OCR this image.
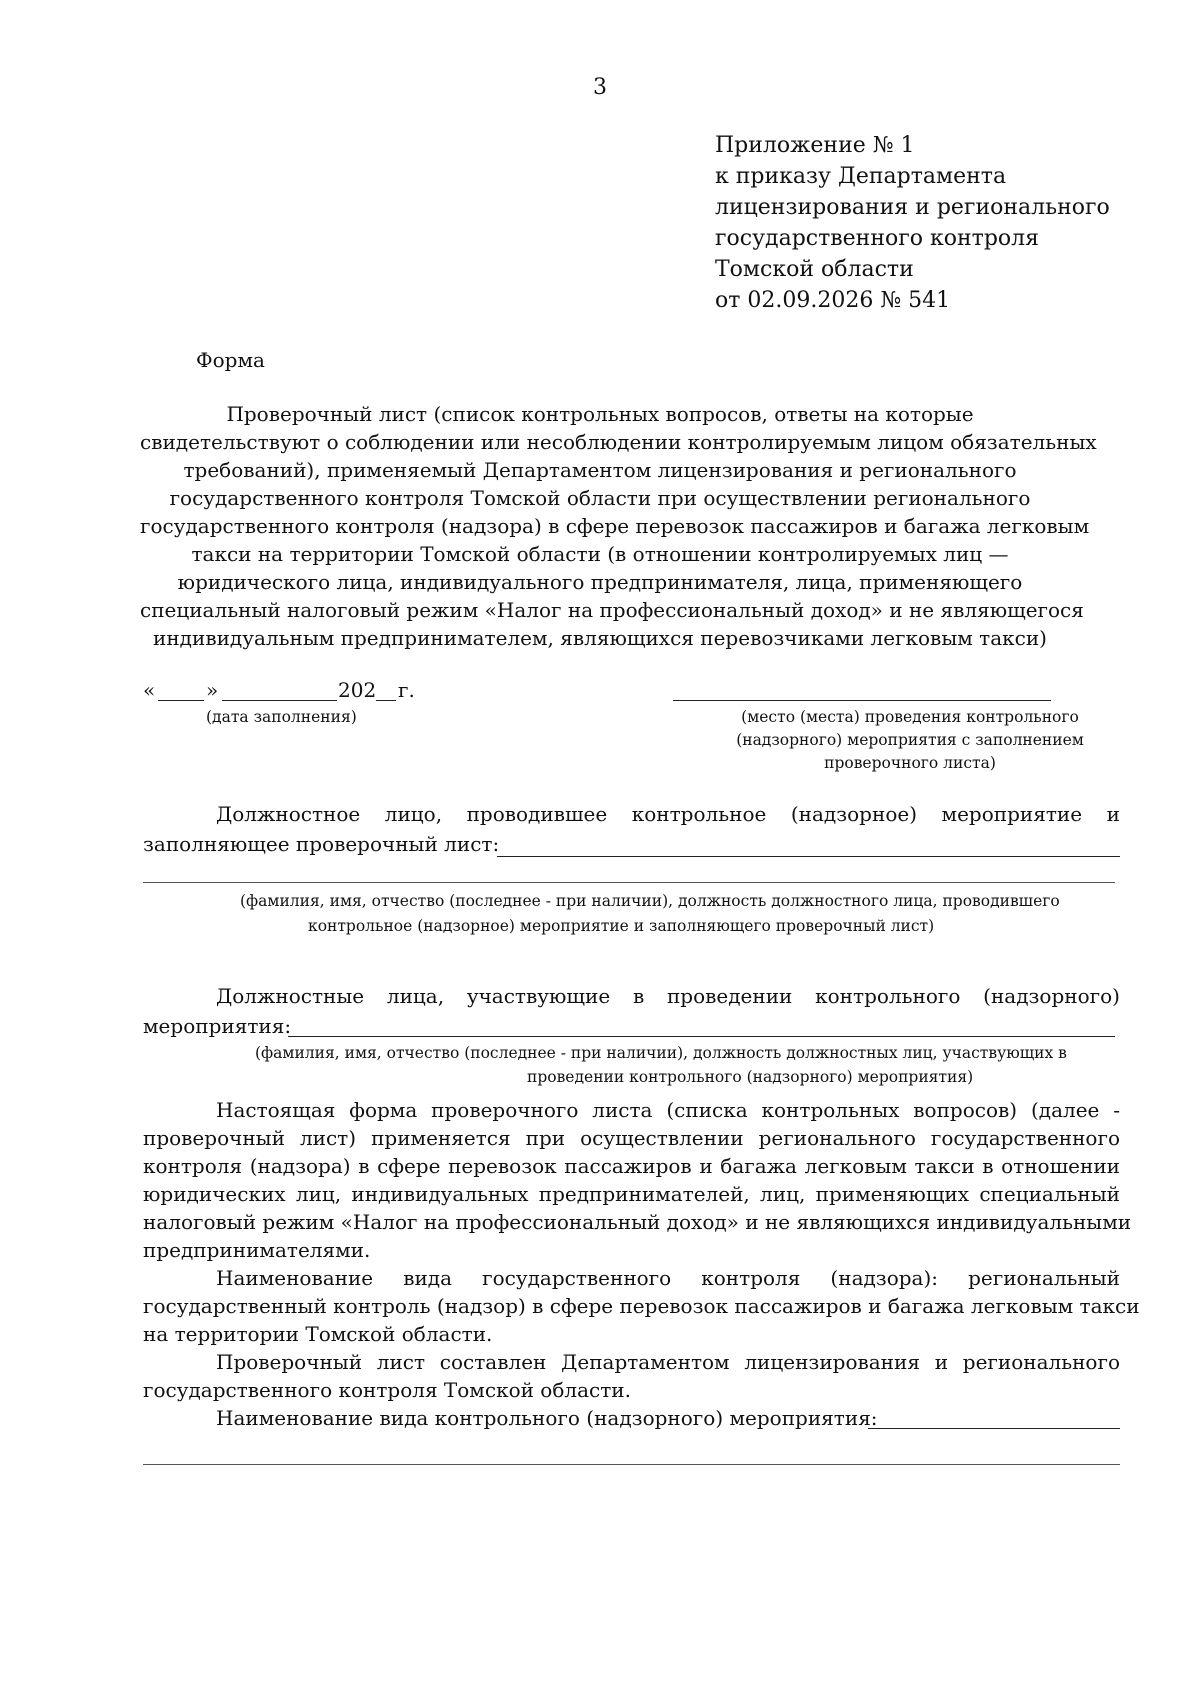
3
Приложение № 1
к приказу Департамента
лицензирования и регионального
государственного контроля
Томской области
от 02.09.2026 № 541
Форма
Проверочный лист (список контрольных вопросов, ответы на которые
свидетельствуют о соблюдении или несоблюдении контролируемым лицом обязательных
требований), применяемый Департаментом лицензирования и регионального
государственного контроля Томской области при осуществлении регионального
государственного контроля (надзора) в сфере перевозок пассажиров и багажа легковым
такси на территории Томской области (в отношении контролируемых лиц —
юридического лица, индивидуального предпринимателя, лица, применяющего
специальный налоговый режим «Налог на профессиональный доход» и не являющегося
индивидуальным предпринимателем, являющихся перевозчиками легковым такси)
«	»	202 г.
(дата заполнения)	(место (места) проведения контрольного
(надзорного) мероприятия с заполнением
проверочного листа)
Должностное лицо, проводившее контрольное (надзорное) мероприятие и
заполняющее проверочный лист:
(фамилия, имя, отчество (последнее - при наличии), должность должностного лица, проводившего
контрольное (надзорное) мероприятие и заполняющего проверочный лист)
Должностные лица, участвующие в проведении контрольного (надзорного)
мероприятия:
(фамилия, имя, отчество (последнее - при наличии), должность должностных лиц, участвующих в
проведении контрольного (надзорного) мероприятия)
Настоящая форма проверочного листа (списка контрольных вопросов) (далее -
проверочный лист) применяется при осуществлении регионального государственного
контроля (надзора) в сфере перевозок пассажиров и багажа легковым такси в отношении
юридических лиц, индивидуальных предпринимателей, лиц, применяющих специальный
налоговый режим «Налог на профессиональный доход» и не являющихся индивидуальными
предпринимателями.
Наименование вида государственного контроля (надзора): региональный
государственный контроль (надзор) в сфере перевозок пассажиров и багажа легковым такси
на территории Томской области.
Проверочный лист составлен Департаментом лицензирования и регионального
государственного контроля Томской области.
Наименование вида контрольного (надзорного) мероприятия:
